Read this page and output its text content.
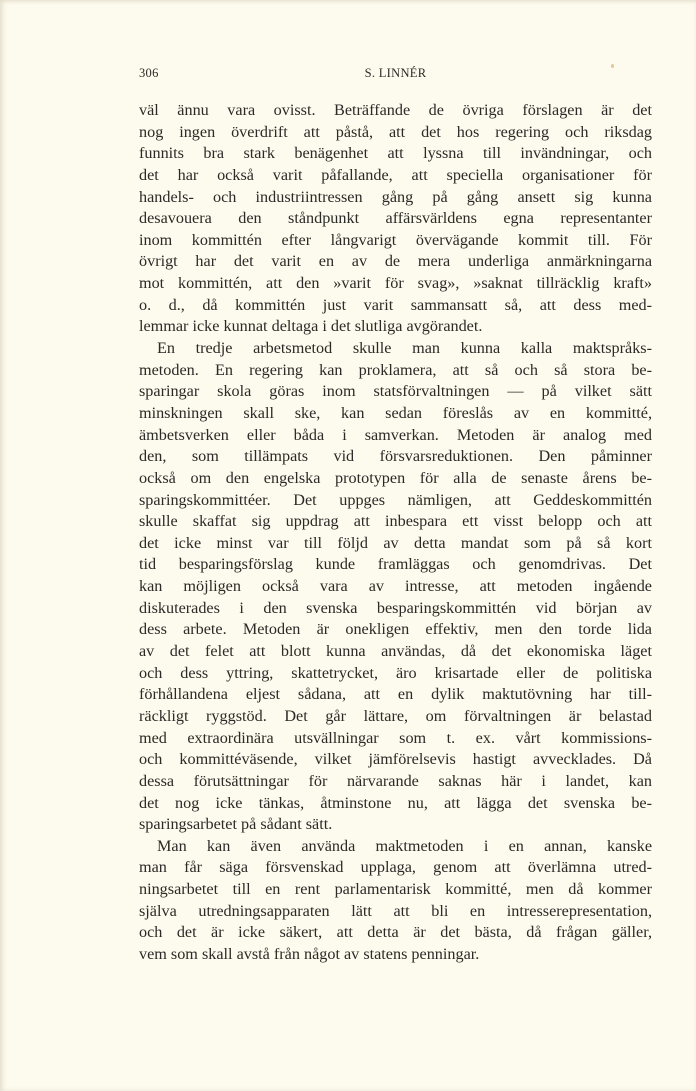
306	S. LINNÉR
väl ännu vara ovisst. Beträffande de övriga förslagen är det
nog ingen överdrift att påstå, att det hos regering och riksdag
funnits bra stark benägenhet att lyssna till invändningar, och
det har också varit påfallande, att speciella organisationer för
handels- och industriintressen gång på gång ansett sig kunna
desavouera den ståndpunkt affärsvärldens egna representanter
inom kommittén efter långvarigt övervägande kommit till. För
övrigt har det varit en av de mera underliga anmärkningarna
mot kommittén, att den »varit för svag», »saknat tillräcklig kraft»
o. d., då kommittén just varit sammansatt så, att dess med-
lemmar icke kunnat deltaga i det slutliga avgörandet.
En tredje arbetsmetod skulle man kunna kalla maktspråks-
metoden. En regering kan proklamera, att så och så stora be-
sparingar skola göras inom statsförvaltningen — på vilket sätt
minskningen skall ske, kan sedan föreslås av en kommitté,
ämbetsverken eller båda i samverkan. Metoden är analog med
den, som tillämpats vid försvarsreduktionen. Den påminner
också om den engelska prototypen för alla de senaste årens be-
sparingskommittéer. Det uppges nämligen, att Geddeskommittén
skulle skaffat sig uppdrag att inbespara ett visst belopp och att
det icke minst var till följd av detta mandat som på så kort
tid besparingsförslag kunde framläggas och genomdrivas. Det
kan möjligen också vara av intresse, att metoden ingående
diskuterades i den svenska besparingskommittén vid början av
dess arbete. Metoden är onekligen effektiv, men den torde lida
av det felet att blott kunna användas, då det ekonomiska läget
och dess yttring, skattetrycket, äro krisartade eller de politiska
förhållandena eljest sådana, att en dylik maktutövning har till-
räckligt ryggstöd. Det går lättare, om förvaltningen är belastad
med extraordinära utsvällningar som t. ex. vårt kommissions-
och kommittéväsende, vilket jämförelsevis hastigt avvecklades. Då
dessa förutsättningar för närvarande saknas här i landet, kan
det nog icke tänkas, åtminstone nu, att lägga det svenska be-
sparingsarbetet på sådant sätt.
Man kan även använda maktmetoden i en annan, kanske
man får säga försvenskad upplaga, genom att överlämna utred-
ningsarbetet till en rent parlamentarisk kommitté, men då kommer
själva utredningsapparaten lätt att bli en intresserepresentation,
och det är icke säkert, att detta är det bästa, då frågan gäller,
vem som skall avstå från något av statens penningar.
